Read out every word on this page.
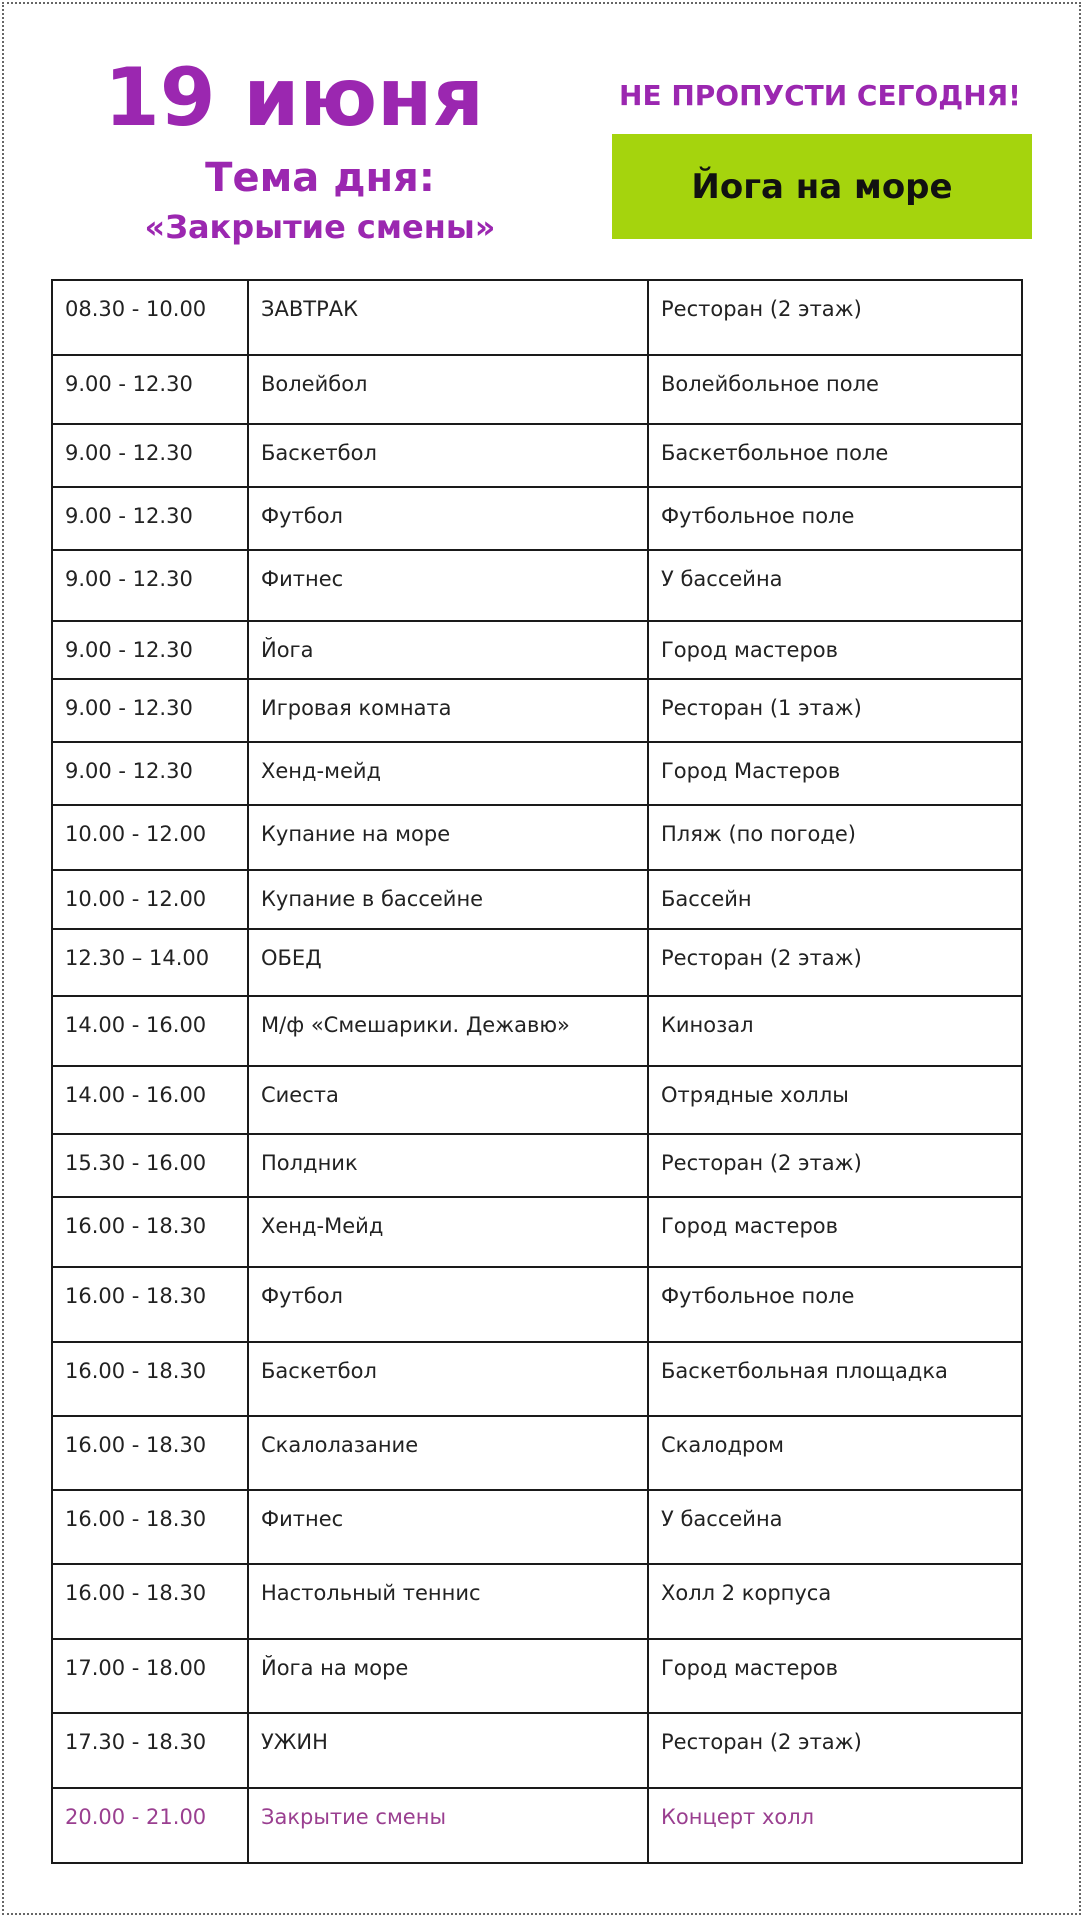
19 июня
Тема дня:
«Закрытие смены»
НЕ ПРОПУСТИ СЕГОДНЯ!
Йога на море
08.30 - 10.00	ЗАВТРАК	Ресторан (2 этаж)
9.00 - 12.30	Волейбол	Волейбольное поле
9.00 - 12.30	Баскетбол	Баскетбольное поле
9.00 - 12.30	Футбол	Футбольное поле
9.00 - 12.30	Фитнес	У бассейна
9.00 - 12.30	Йога	Город мастеров
9.00 - 12.30	Игровая комната	Ресторан (1 этаж)
9.00 - 12.30	Хенд-мейд	Город Мастеров
10.00 - 12.00	Купание на море	Пляж (по погоде)
10.00 - 12.00	Купание в бассейне	Бассейн
12.30 – 14.00	ОБЕД	Ресторан (2 этаж)
14.00 - 16.00	М/ф «Смешарики. Дежавю»	Кинозал
14.00 - 16.00	Сиеста	Отрядные холлы
15.30 - 16.00	Полдник	Ресторан (2 этаж)
16.00 - 18.30	Хенд-Мейд	Город мастеров
16.00 - 18.30	Футбол	Футбольное поле
16.00 - 18.30	Баскетбол	Баскетбольная площадка
16.00 - 18.30	Скалолазание	Скалодром
16.00 - 18.30	Фитнес	У бассейна
16.00 - 18.30	Настольный теннис	Холл 2 корпуса
17.00 - 18.00	Йога на море	Город мастеров
17.30 - 18.30	УЖИН	Ресторан (2 этаж)
20.00 - 21.00	Закрытие смены	Концерт холл
